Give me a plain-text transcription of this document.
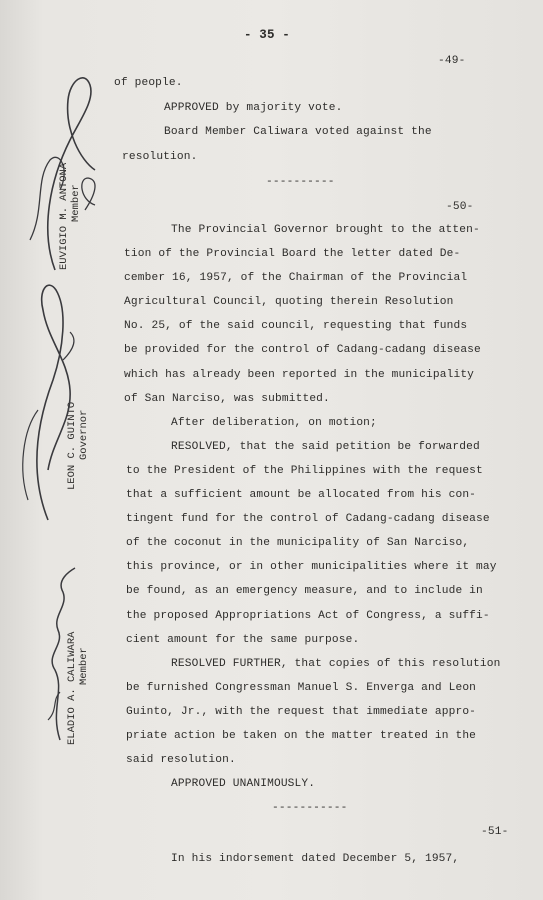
- 35 -
-49-
of people.
APPROVED by majority vote.
Board Member Caliwara voted against the
resolution.
----------
-50-
The Provincial Governor brought to the atten-
tion of the Provincial Board the letter dated De-
cember 16, 1957, of the Chairman of the Provincial
Agricultural Council, quoting therein Resolution
No. 25, of the said council, requesting that funds
be provided for the control of Cadang-cadang disease
which has already been reported in the municipality
of San Narciso, was submitted.
After deliberation, on motion;
RESOLVED, that the said petition be forwarded
to the President of the Philippines with the request
that a sufficient amount be allocated from his con-
tingent fund for the control of Cadang-cadang disease
of the coconut in the municipality of San Narciso,
this province, or in other municipalities where it may
be found, as an emergency measure, and to include in
the proposed Appropriations Act of Congress, a suffi-
cient amount for the same purpose.
RESOLVED FURTHER, that copies of this resolution
be furnished Congressman Manuel S. Enverga and Leon
Guinto, Jr., with the request that immediate appro-
priate action be taken on the matter treated in the
said resolution.
APPROVED UNANIMOUSLY.
-----------
-51-
In his indorsement dated December 5, 1957,
EUVIGIO M. ANTONA Member
LEON C. GUINTO Governor
ELADIO A. CALIWARA Member
